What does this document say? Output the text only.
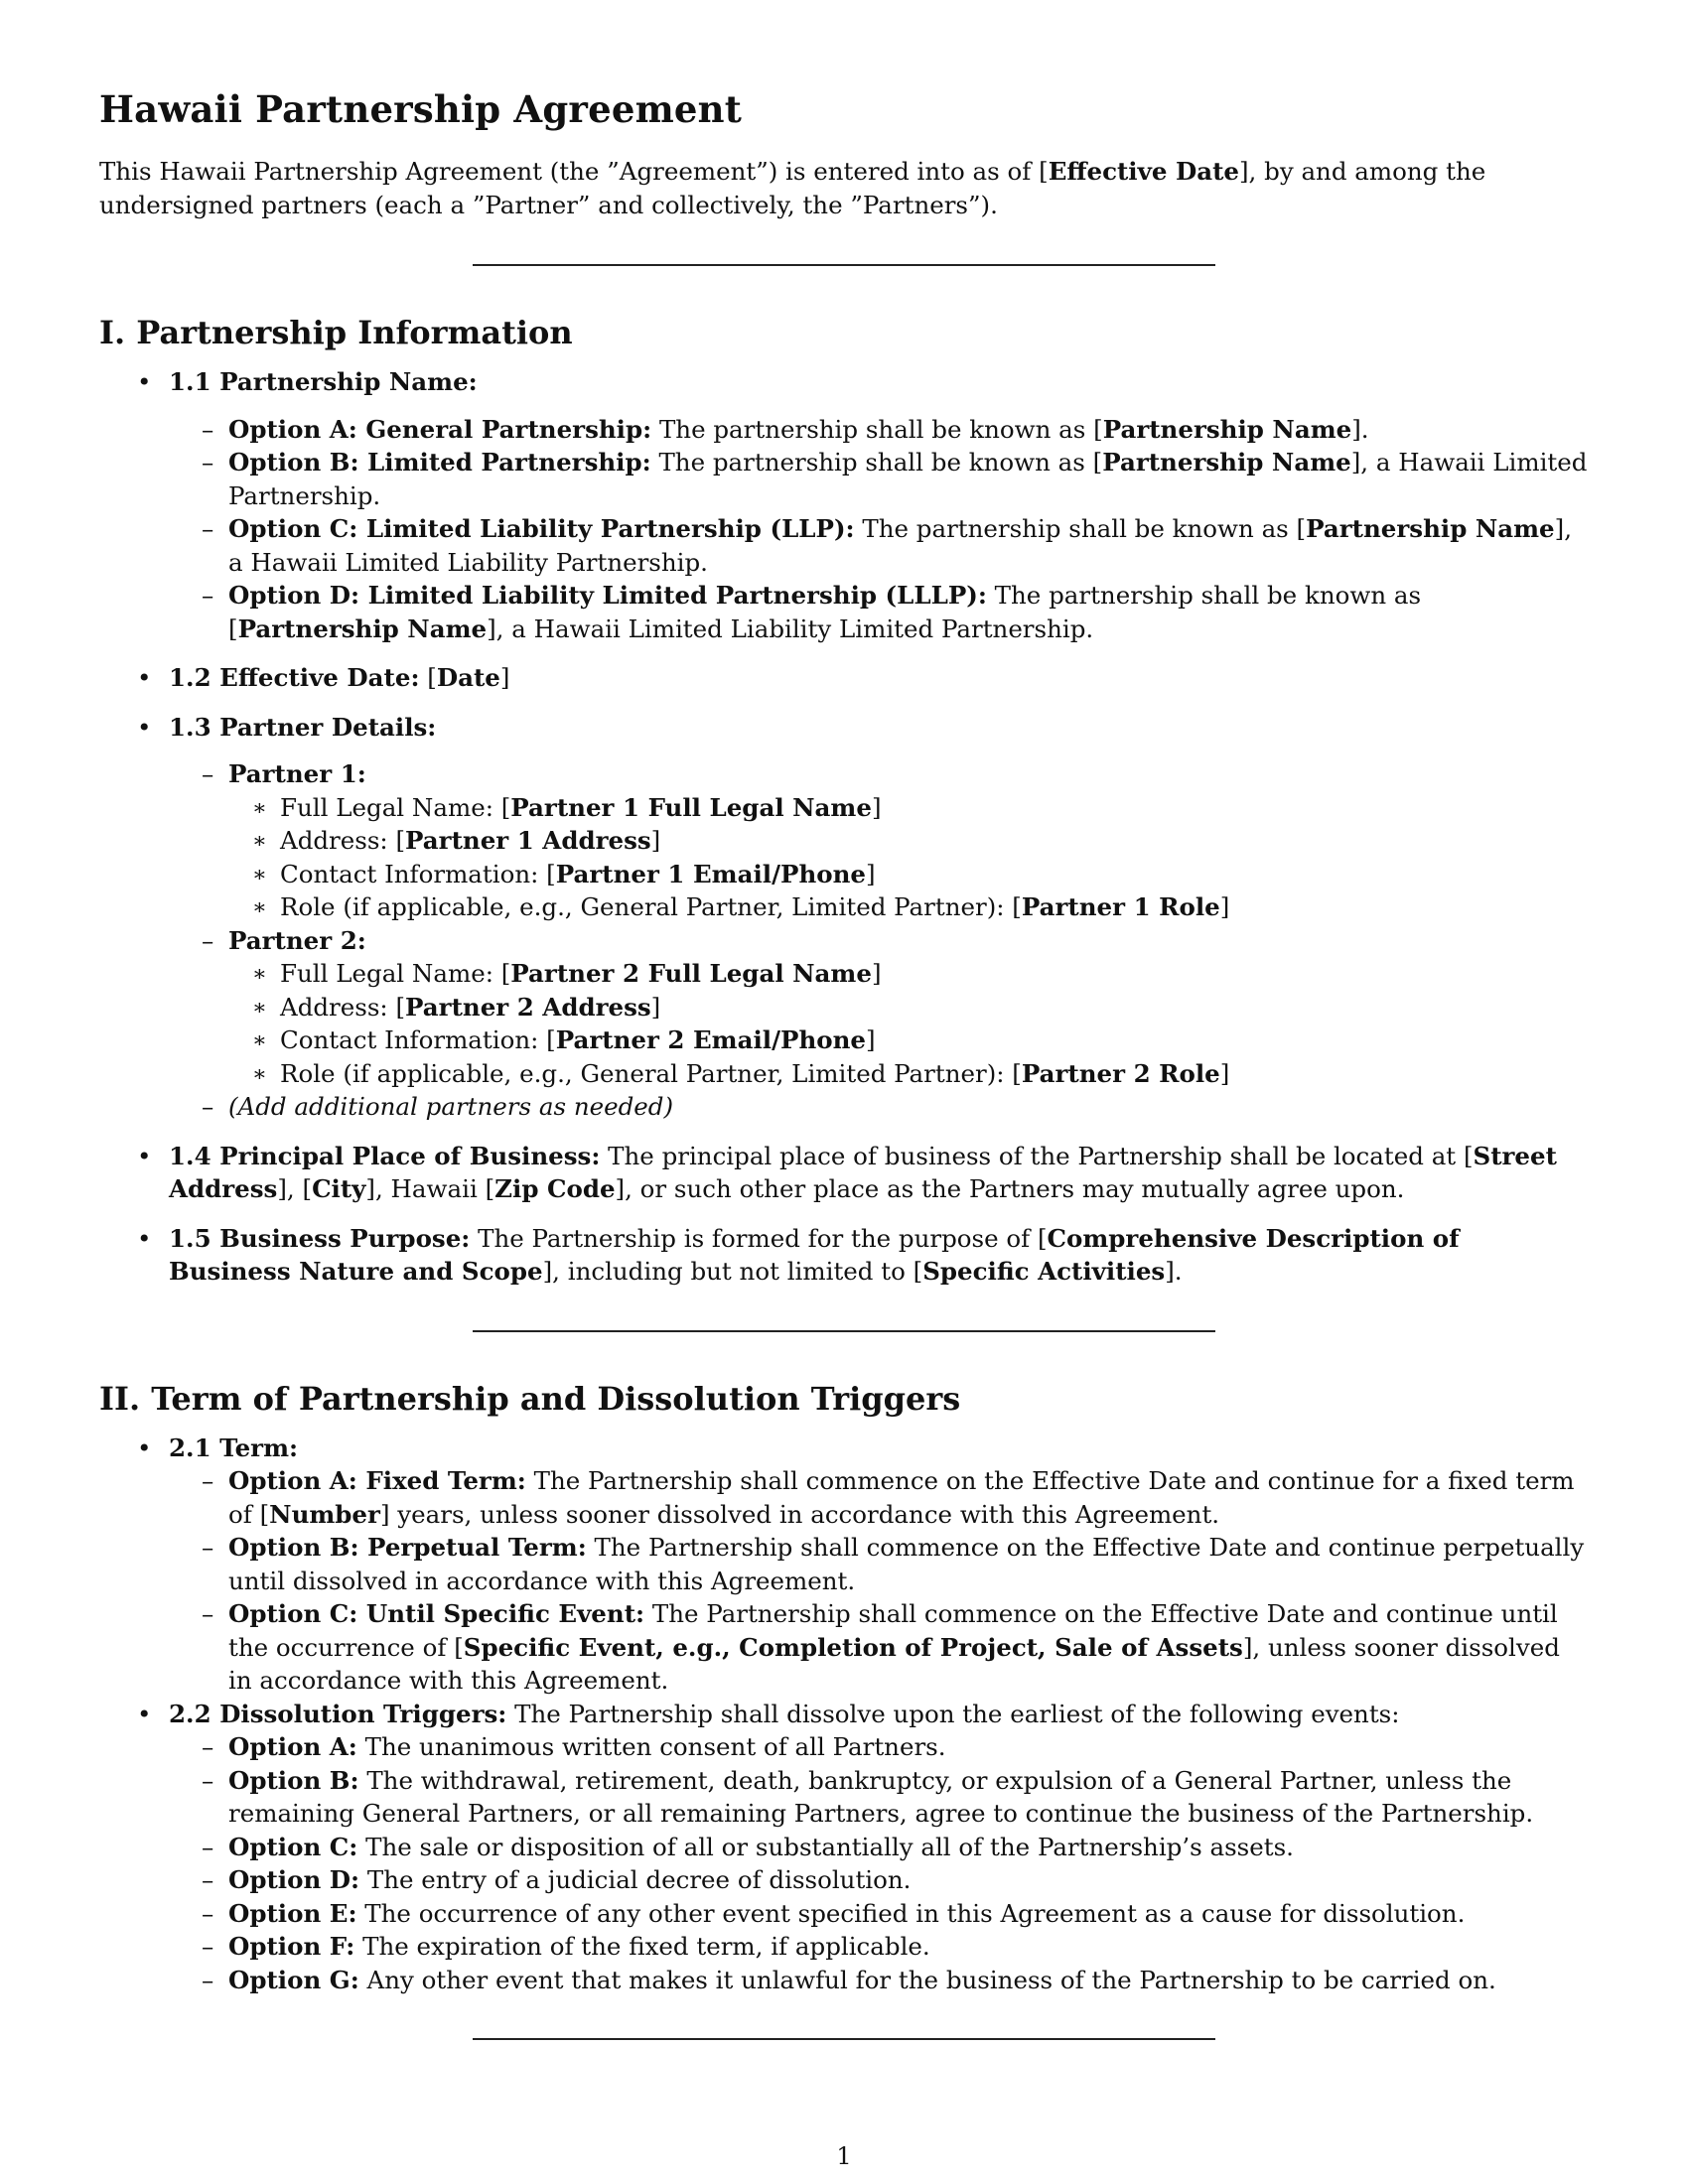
Hawaii Partnership Agreement

This Hawaii Partnership Agreement (the ”Agreement”) is entered into as of [Effective Date], by and among the undersigned partners (each a ”Partner” and collectively, the ”Partners”).

I. Partnership Information
• 1.1 Partnership Name:
– Option A: General Partnership: The partnership shall be known as [Partnership Name].
– Option B: Limited Partnership: The partnership shall be known as [Partnership Name], a Hawaii Limited Partnership.
– Option C: Limited Liability Partnership (LLP): The partnership shall be known as [Partnership Name], a Hawaii Limited Liability Partnership.
– Option D: Limited Liability Limited Partnership (LLLP): The partnership shall be known as [Partnership Name], a Hawaii Limited Liability Limited Partnership.
• 1.2 Effective Date: [Date]
• 1.3 Partner Details:
– Partner 1:
∗ Full Legal Name: [Partner 1 Full Legal Name]
∗ Address: [Partner 1 Address]
∗ Contact Information: [Partner 1 Email/Phone]
∗ Role (if applicable, e.g., General Partner, Limited Partner): [Partner 1 Role]
– Partner 2:
∗ Full Legal Name: [Partner 2 Full Legal Name]
∗ Address: [Partner 2 Address]
∗ Contact Information: [Partner 2 Email/Phone]
∗ Role (if applicable, e.g., General Partner, Limited Partner): [Partner 2 Role]
– (Add additional partners as needed)
• 1.4 Principal Place of Business: The principal place of business of the Partnership shall be located at [Street Address], [City], Hawaii [Zip Code], or such other place as the Partners may mutually agree upon.
• 1.5 Business Purpose: The Partnership is formed for the purpose of [Comprehensive Description of Business Nature and Scope], including but not limited to [Specific Activities].
II. Term of Partnership and Dissolution Triggers
• 2.1 Term:
– Option A: Fixed Term: The Partnership shall commence on the Effective Date and continue for a fixed term of [Number] years, unless sooner dissolved in accordance with this Agreement.
– Option B: Perpetual Term: The Partnership shall commence on the Effective Date and continue perpetually until dissolved in accordance with this Agreement.
– Option C: Until Specific Event: The Partnership shall commence on the Effective Date and continue until the occurrence of [Specific Event, e.g., Completion of Project, Sale of Assets], unless sooner dissolved in accordance with this Agreement.
• 2.2 Dissolution Triggers: The Partnership shall dissolve upon the earliest of the following events:
– Option A: The unanimous written consent of all Partners.
– Option B: The withdrawal, retirement, death, bankruptcy, or expulsion of a General Partner, unless the remaining General Partners, or all remaining Partners, agree to continue the business of the Partnership.
– Option C: The sale or disposition of all or substantially all of the Partnership’s assets.
– Option D: The entry of a judicial decree of dissolution.
– Option E: The occurrence of any other event specified in this Agreement as a cause for dissolution.
– Option F: The expiration of the fixed term, if applicable.
– Option G: Any other event that makes it unlawful for the business of the Partnership to be carried on.
1
